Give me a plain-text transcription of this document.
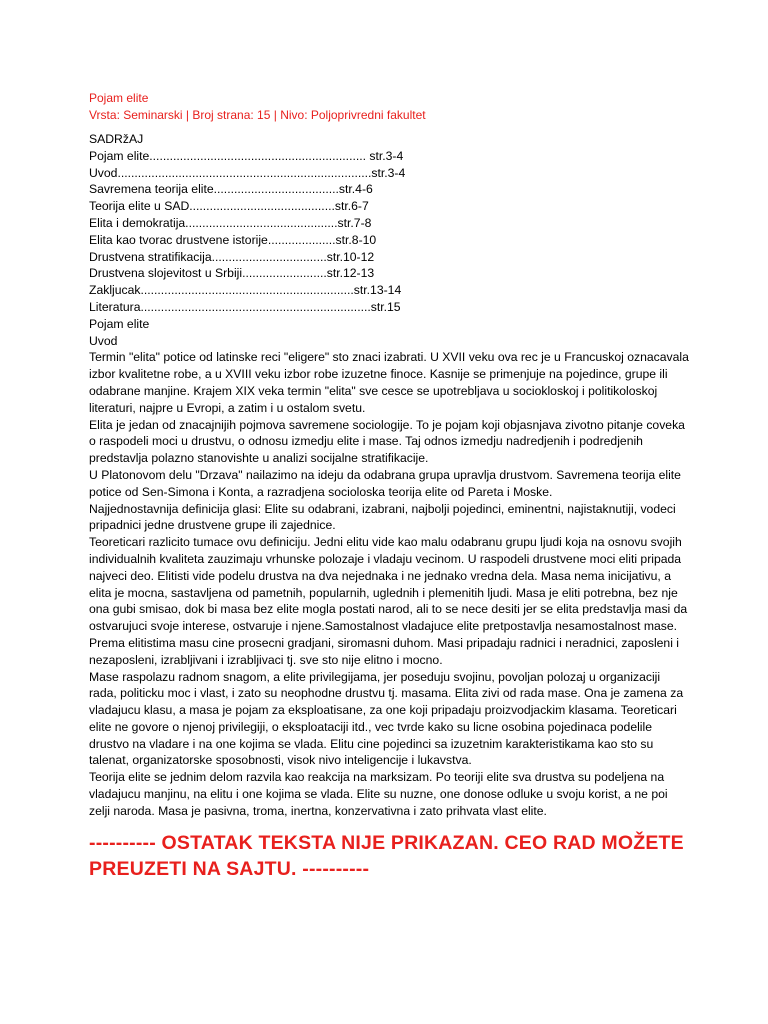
Pojam elite
Vrsta: Seminarski | Broj strana: 15 | Nivo: Poljoprivredni fakultet
SADRžAJ
Pojam elite................................................................ str.3-4
Uvod...........................................................................str.3-4
Savremena teorija elite.....................................str.4-6
Teorija elite u SAD...........................................str.6-7
Elita i demokratija.............................................str.7-8
Elita kao tvorac drustvene istorije....................str.8-10
Drustvena stratifikacija..................................str.10-12
Drustvena slojevitost u Srbiji.........................str.12-13
Zakljucak...............................................................str.13-14
Literatura....................................................................str.15
Pojam elite
Uvod

Termin "elita" potice od latinske reci "eligere" sto znaci izabrati. U XVII veku ova rec je u Francuskoj oznacavala izbor kvalitetne robe, a u XVIII veku izbor robe izuzetne finoce. Kasnije se primenjuje na pojedince, grupe ili odabrane manjine. Krajem XIX veka termin "elita" sve cesce se upotrebljava u sociokloskoj i politikoloskoj literaturi, najpre u Evropi, a zatim i u ostalom svetu.

Elita je jedan od znacajnijih pojmova savremene sociologije. To je pojam koji objasnjava zivotno pitanje coveka o raspodeli moci u drustvu, o odnosu izmedju elite i mase. Taj odnos izmedju nadredjenih i podredjenih predstavlja polazno stanovishte u analizi socijalne stratifikacije.

U Platonovom delu "Drzava" nailazimo na ideju da odabrana grupa upravlja drustvom. Savremena teorija elite potice od Sen-Simona i Konta, a razradjena socioloska teorija elite od Pareta i Moske.

Najjednostavnija definicija glasi: Elite su odabrani, izabrani, najbolji pojedinci, eminentni, najistaknutiji, vodeci pripadnici jedne drustvene grupe ili zajednice.

Teoreticari razlicito tumace ovu definiciju. Jedni elitu vide kao malu odabranu grupu ljudi koja na osnovu svojih individualnih kvaliteta zauzimaju vrhunske polozaje i vladaju vecinom. U raspodeli drustvene moci eliti pripada najveci deo. Elitisti vide podelu drustva na dva nejednaka i ne jednako vredna dela. Masa nema inicijativu, a elita je mocna, sastavljena od pametnih, popularnih, uglednih i plemenitih ljudi. Masa je eliti potrebna, bez nje ona gubi smisao, dok bi masa bez elite mogla postati narod, ali to se nece desiti jer se elita predstavlja masi da ostvarujuci svoje interese, ostvaruje i njene.Samostalnost vladajuce elite pretpostavlja nesamostalnost mase.

Prema elitistima masu cine prosecni gradjani, siromasni duhom. Masi pripadaju radnici i neradnici, zaposleni i nezaposleni, izrabljivani i izrabljivaci tj. sve sto nije elitno i mocno.

Mase raspolazu radnom snagom, a elite privilegijama, jer poseduju svojinu, povoljan polozaj u organizaciji rada, politicku moc i vlast, i zato su neophodne drustvu tj. masama. Elita zivi od rada mase. Ona je zamena za vladajucu klasu, a masa je pojam za eksploatisane, za one koji pripadaju proizvodjackim klasama. Teoreticari elite ne govore o njenoj privilegiji, o eksploataciji itd., vec tvrde kako su licne osobina pojedinaca podelile drustvo na vladare i na one kojima se vlada. Elitu cine pojedinci sa izuzetnim karakteristikama kao sto su talenat, organizatorske sposobnosti, visok nivo inteligencije i lukavstva.

Teorija elite se jednim delom razvila kao reakcija na marksizam. Po teoriji elite sva drustva su podeljena na vladajucu manjinu, na elitu i one kojima se vlada. Elite su nuzne, one donose odluke u svoju korist, a ne poi zelji naroda. Masa je pasivna, troma, inertna, konzervativna i zato prihvata vlast elite.

---------- OSTATAK TEKSTA NIJE PRIKAZAN. CEO RAD MOŽETE PREUZETI NA SAJTU. ----------
